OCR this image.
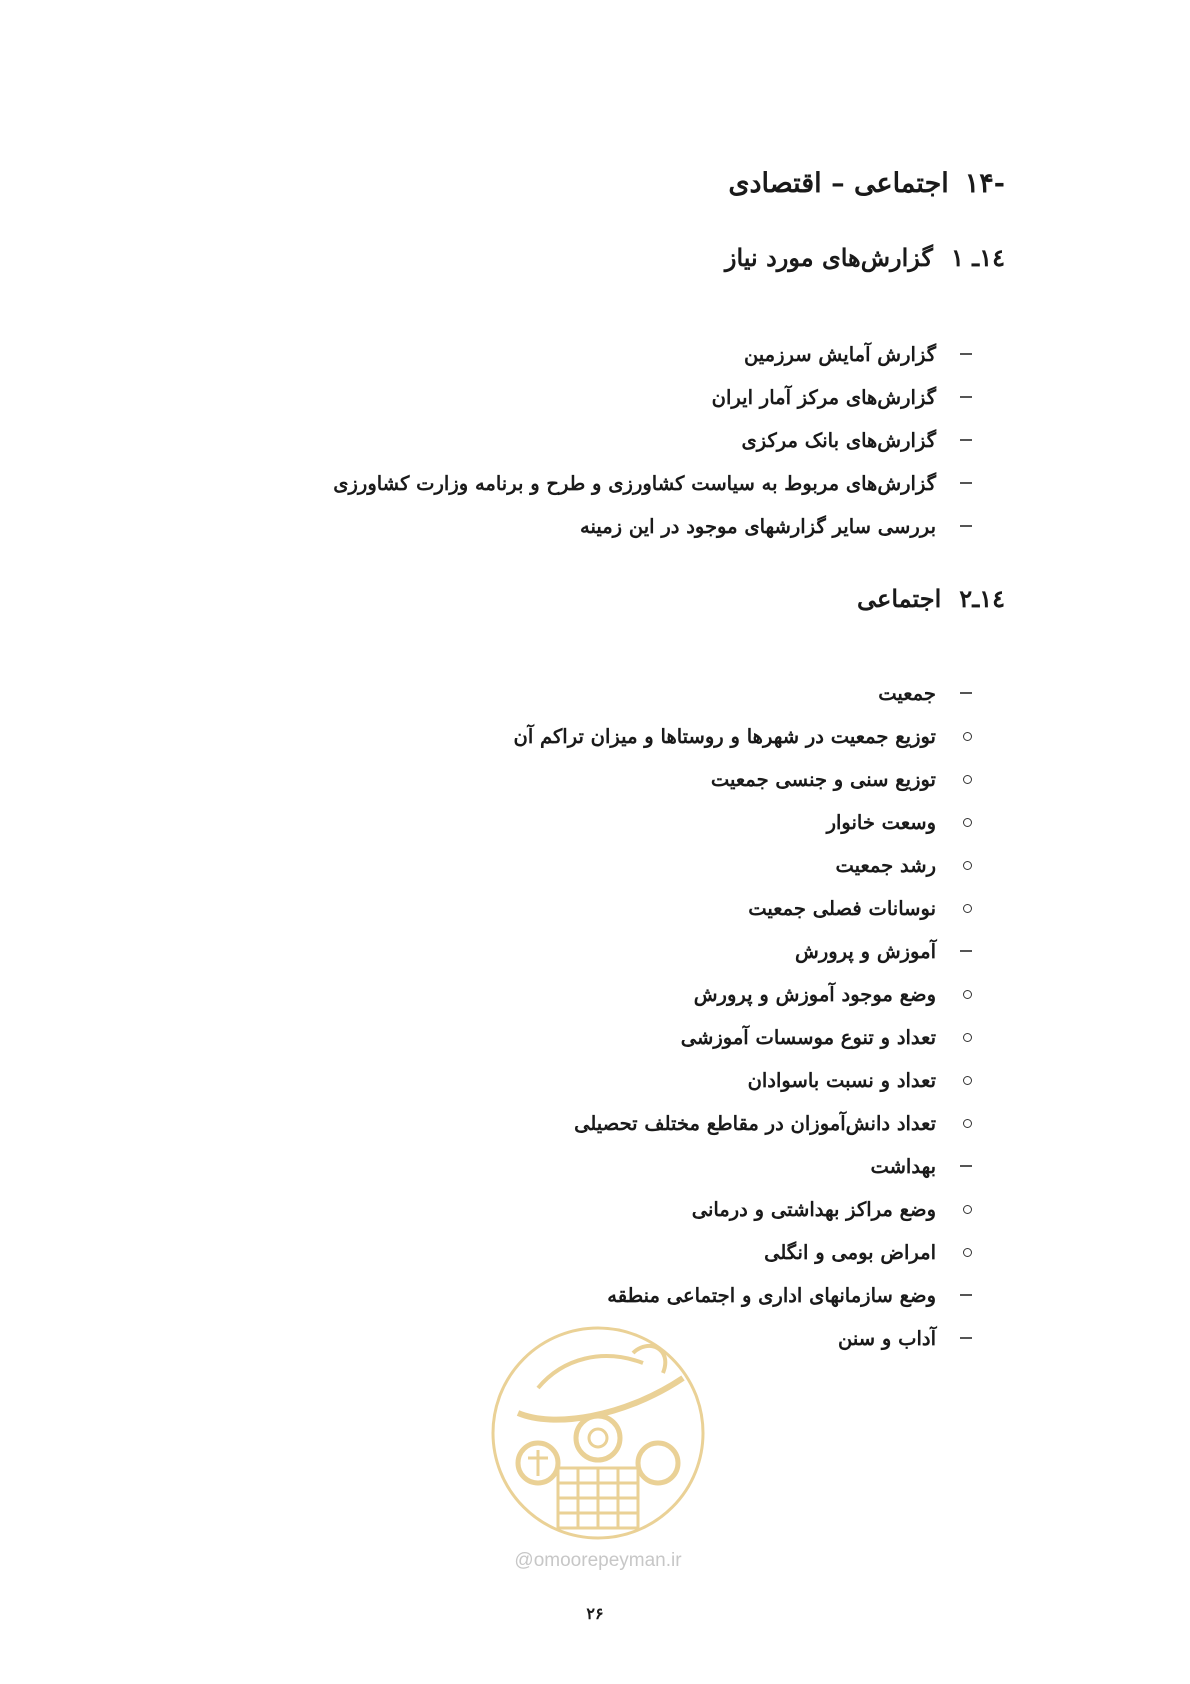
-۱۴
اجتماعی – اقتصادی
۱٤ـ ۱
گزارش‌های مورد نیاز
گزارش آمایش سرزمین
گزارش‌های مرکز آمار ایران
گزارش‌های بانک مرکزی
گزارش‌های مربوط به سیاست کشاورزی و طرح و برنامه وزارت کشاورزی
بررسی سایر گزارشهای موجود در این زمینه
۱٤ـ۲
اجتماعی
جمعیت
توزیع جمعیت در شهرها و روستاها و میزان تراکم آن
توزیع سنی و جنسی جمعیت
وسعت خانوار
رشد جمعیت
نوسانات فصلی جمعیت
آموزش و پرورش
وضع موجود آموزش و پرورش
تعداد و تنوع موسسات آموزشی
تعداد و نسبت باسوادان
تعداد دانش‌آموزان در مقاطع مختلف تحصیلی
بهداشت
وضع مراکز بهداشتی و درمانی
امراض بومی و انگلی
وضع سازمانهای اداری و اجتماعی منطقه
آداب و سنن
@omoorepeyman.ir
۲۶
